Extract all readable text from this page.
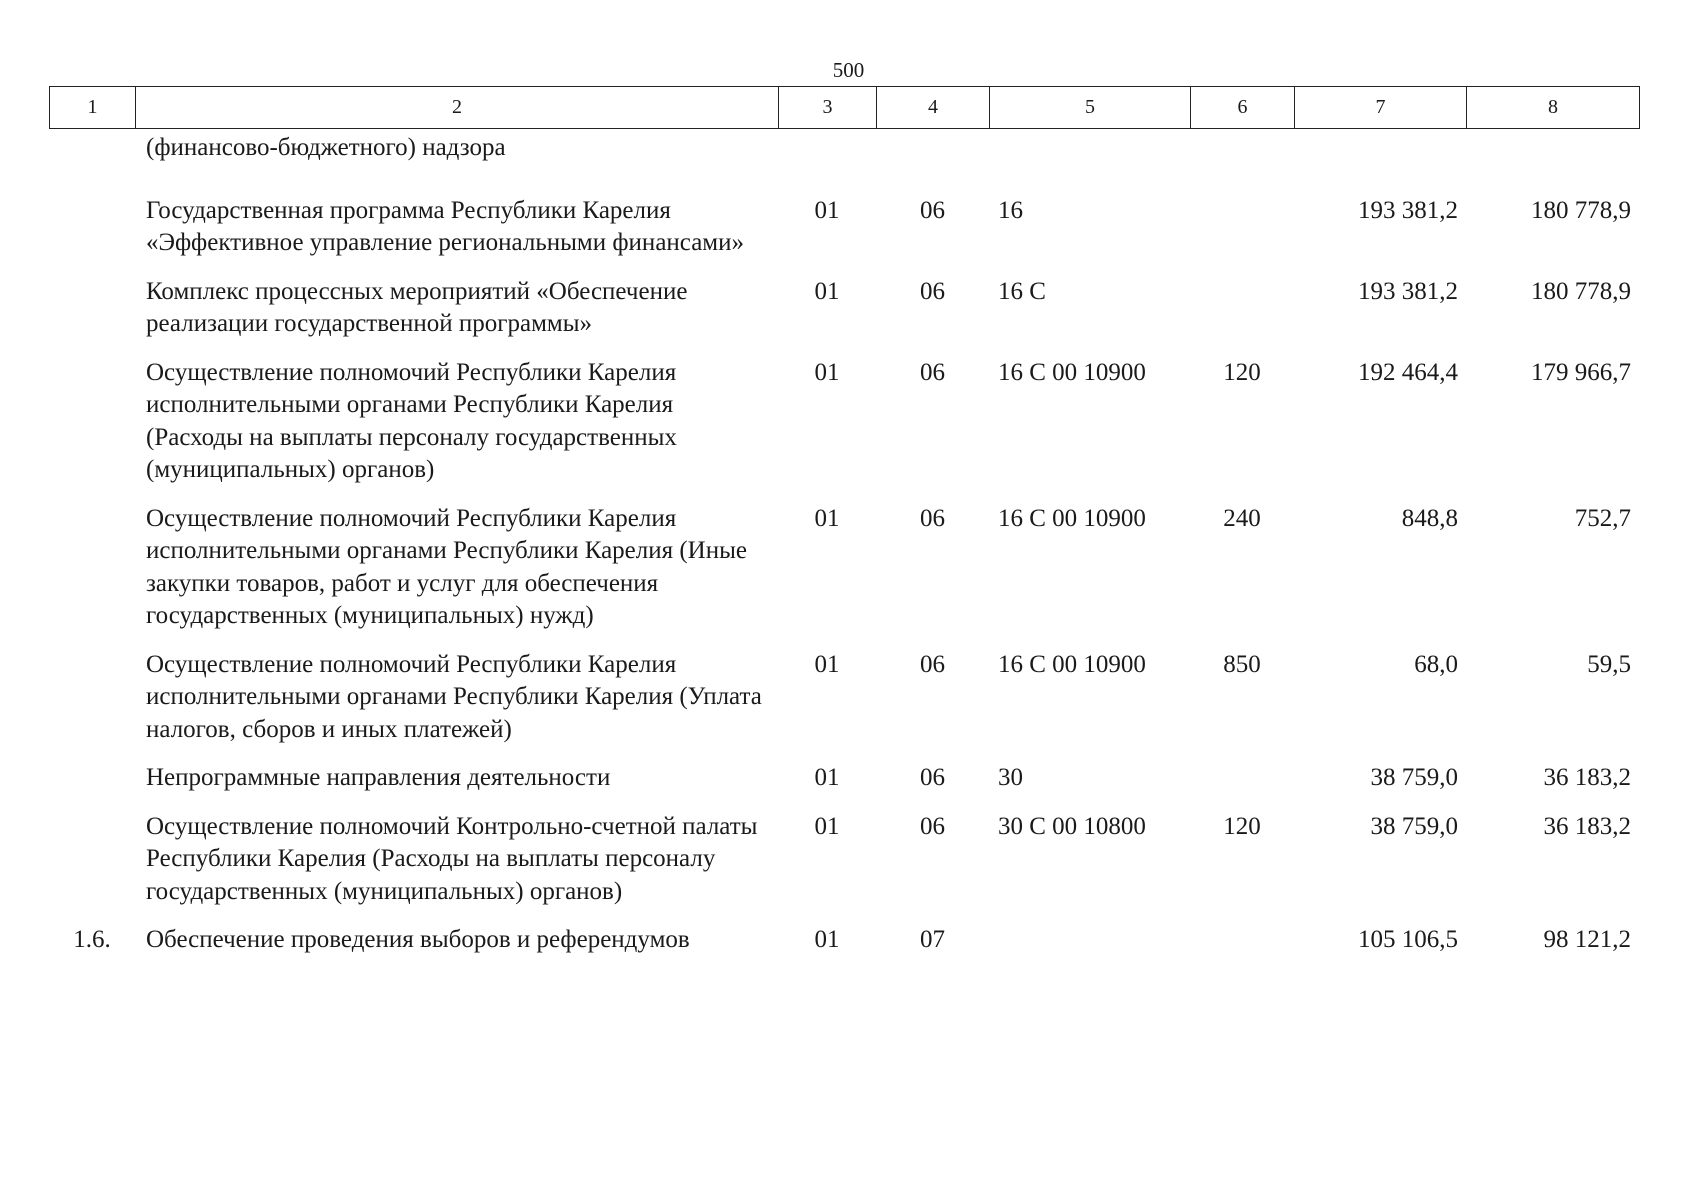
500
1	2	3	4	5	6	7	8
	(финансово-бюджетного) надзора						

	Государственная программа Республики Карелия «Эффективное управление региональными финансами»	01	06	16		193 381,2	180 778,9
	Комплекс процессных мероприятий «Обеспечение реализации государственной программы»	01	06	16 С		193 381,2	180 778,9
	Осуществление полномочий Республики Карелия исполнительными органами Республики Карелия (Расходы на выплаты персоналу государственных (муниципальных) органов)	01	06	16 С 00 10900	120	192 464,4	179 966,7
	Осуществление полномочий Республики Карелия исполнительными органами Республики Карелия (Иные закупки товаров, работ и услуг для обеспечения государственных (муниципальных) нужд)	01	06	16 С 00 10900	240	848,8	752,7
	Осуществление полномочий Республики Карелия исполнительными органами Республики Карелия (Уплата налогов, сборов и иных платежей)	01	06	16 С 00 10900	850	68,0	59,5
	Непрограммные направления деятельности	01	06	30		38 759,0	36 183,2
	Осуществление полномочий Контрольно-счетной палаты Республики Карелия (Расходы на выплаты персоналу государственных (муниципальных) органов)	01	06	30 С 00 10800	120	38 759,0	36 183,2
1.6.	Обеспечение проведения выборов и референдумов	01	07			105 106,5	98 121,2
